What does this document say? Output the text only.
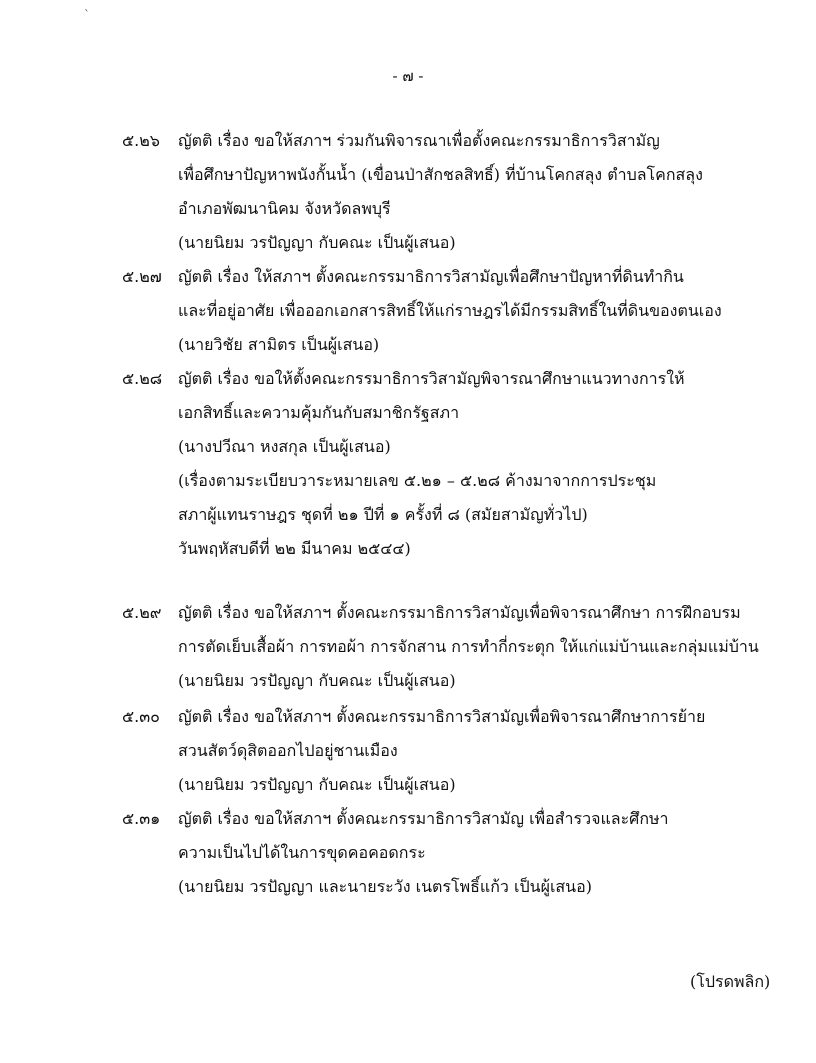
`
- ๗ -
๕.๒๖ ญัตติ เรื่อง ขอให้สภาฯ ร่วมกันพิจารณาเพื่อตั้งคณะกรรมาธิการวิสามัญ
เพื่อศึกษาปัญหาพนังกั้นน้ำ (เขื่อนป่าสักชลสิทธิ์) ที่บ้านโคกสลุง ตำบลโคกสลุง
อำเภอพัฒนานิคม จังหวัดลพบุรี
(นายนิยม วรปัญญา กับคณะ เป็นผู้เสนอ)
๕.๒๗ ญัตติ เรื่อง ให้สภาฯ ตั้งคณะกรรมาธิการวิสามัญเพื่อศึกษาปัญหาที่ดินทำกิน
และที่อยู่อาศัย เพื่อออกเอกสารสิทธิ์ให้แก่ราษฎรได้มีกรรมสิทธิ์ในที่ดินของตนเอง
(นายวิชัย สามิตร เป็นผู้เสนอ)
๕.๒๘ ญัตติ เรื่อง ขอให้ตั้งคณะกรรมาธิการวิสามัญพิจารณาศึกษาแนวทางการให้
เอกสิทธิ์และความคุ้มกันกับสมาชิกรัฐสภา
(นางปวีณา หงสกุล เป็นผู้เสนอ)
(เรื่องตามระเบียบวาระหมายเลข ๕.๒๑ – ๕.๒๘ ค้างมาจากการประชุม
สภาผู้แทนราษฎร ชุดที่ ๒๑ ปีที่ ๑ ครั้งที่ ๘ (สมัยสามัญทั่วไป)
วันพฤหัสบดีที่ ๒๒ มีนาคม ๒๕๔๔)
๕.๒๙ ญัตติ เรื่อง ขอให้สภาฯ ตั้งคณะกรรมาธิการวิสามัญเพื่อพิจารณาศึกษา การฝึกอบรม
การตัดเย็บเสื้อผ้า การทอผ้า การจักสาน การทำกี่กระตุก ให้แก่แม่บ้านและกลุ่มแม่บ้าน
(นายนิยม วรปัญญา กับคณะ เป็นผู้เสนอ)
๕.๓๐ ญัตติ เรื่อง ขอให้สภาฯ ตั้งคณะกรรมาธิการวิสามัญเพื่อพิจารณาศึกษาการย้าย
สวนสัตว์ดุสิตออกไปอยู่ชานเมือง
(นายนิยม วรปัญญา กับคณะ เป็นผู้เสนอ)
๕.๓๑ ญัตติ เรื่อง ขอให้สภาฯ ตั้งคณะกรรมาธิการวิสามัญ เพื่อสำรวจและศึกษา
ความเป็นไปได้ในการขุดคอคอดกระ
(นายนิยม วรปัญญา และนายระวัง เนตรโพธิ์แก้ว เป็นผู้เสนอ)
(โปรดพลิก)
